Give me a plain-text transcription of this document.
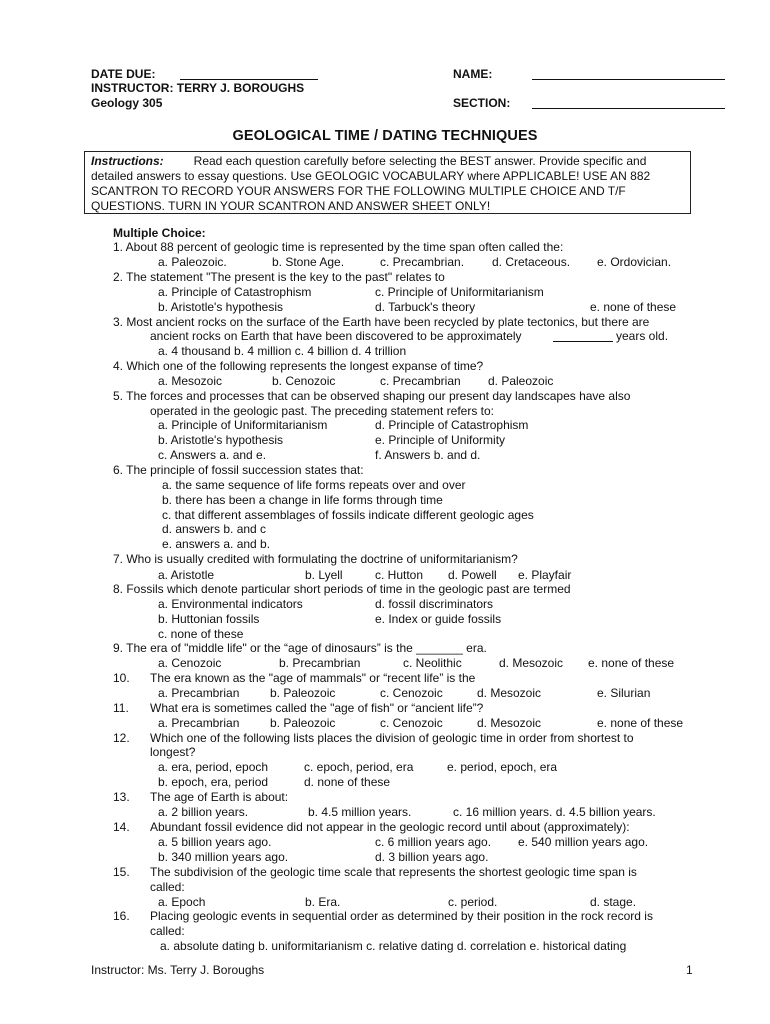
DATE DUE:
INSTRUCTOR: TERRY J. BOROUGHS
Geology 305
NAME:
SECTION:
GEOLOGICAL TIME / DATING TECHNIQUES
Instructions:	Read each question carefully before selecting the BEST answer. Provide specific and detailed answers to essay questions. Use GEOLOGIC VOCABULARY where APPLICABLE! USE AN 882 SCANTRON TO RECORD YOUR ANSWERS FOR THE FOLLOWING MULTIPLE CHOICE AND T/F QUESTIONS. TURN IN YOUR SCANTRON AND ANSWER SHEET ONLY!
Multiple Choice:
1. About 88 percent of geologic time is represented by the time span often called the:
a. Paleozoic.	b. Stone Age.	c. Precambrian. d. Cretaceous. e. Ordovician.
2. The statement "The present is the key to the past" relates to
a. Principle of Catastrophism	c. Principle of Uniformitarianism
b. Aristotle's hypothesis	d. Tarbuck's theory	e. none of these
3. Most ancient rocks on the surface of the Earth have been recycled by plate tectonics, but there are
ancient rocks on Earth that have been discovered to be approximately	years old.
a. 4 thousand b. 4 million c. 4 billion d. 4 trillion
4. Which one of the following represents the longest expanse of time?
a. Mesozoic	b. Cenozoic	c. Precambrian d. Paleozoic
5. The forces and processes that can be observed shaping our present day landscapes have also
operated in the geologic past. The preceding statement refers to:
a. Principle of Uniformitarianism	d. Principle of Catastrophism
b. Aristotle's hypothesis	e. Principle of Uniformity
c. Answers a. and e.	f. Answers b. and d.
6. The principle of fossil succession states that:
a. the same sequence of life forms repeats over and over
b. there has been a change in life forms through time
c. that different assemblages of fossils indicate different geologic ages
d. answers b. and c
e. answers a. and b.
7. Who is usually credited with formulating the doctrine of uniformitarianism?
a. Aristotle	b. Lyell	c. Hutton d. Powell e. Playfair
8. Fossils which denote particular short periods of time in the geologic past are termed
a. Environmental indicators	d. fossil discriminators
b. Huttonian fossils	e. Index or guide fossils
c. none of these
9. The era of "middle life" or the “age of dinosaurs” is the _______ era.
a. Cenozoic	b. Precambrian	c. Neolithic	d. Mesozoic e. none of these
10. The era known as the "age of mammals" or “recent life” is the
a. Precambrian	b. Paleozoic	c. Cenozoic	d. Mesozoic	e. Silurian
11. What era is sometimes called the "age of fish" or “ancient life”?
a. Precambrian	b. Paleozoic	c. Cenozoic	d. Mesozoic	e. none of these
12. Which one of the following lists places the division of geologic time in order from shortest to
longest?
a. era, period, epoch	c. epoch, period, era	e. period, epoch, era
b. epoch, era, period	d. none of these
13. The age of Earth is about:
a. 2 billion years.	b. 4.5 million years.	c. 16 million years. d. 4.5 billion years.
14. Abundant fossil evidence did not appear in the geologic record until about (approximately):
a. 5 billion years ago.	c. 6 million years ago. e. 540 million years ago.
b. 340 million years ago.	d. 3 billion years ago.
15. The subdivision of the geologic time scale that represents the shortest geologic time span is
called:
a. Epoch	b. Era.	c. period.	d. stage.
16. Placing geologic events in sequential order as determined by their position in the rock record is
called:
a. absolute dating b. uniformitarianism c. relative dating d. correlation e. historical dating
Instructor: Ms. Terry J. Boroughs	1
